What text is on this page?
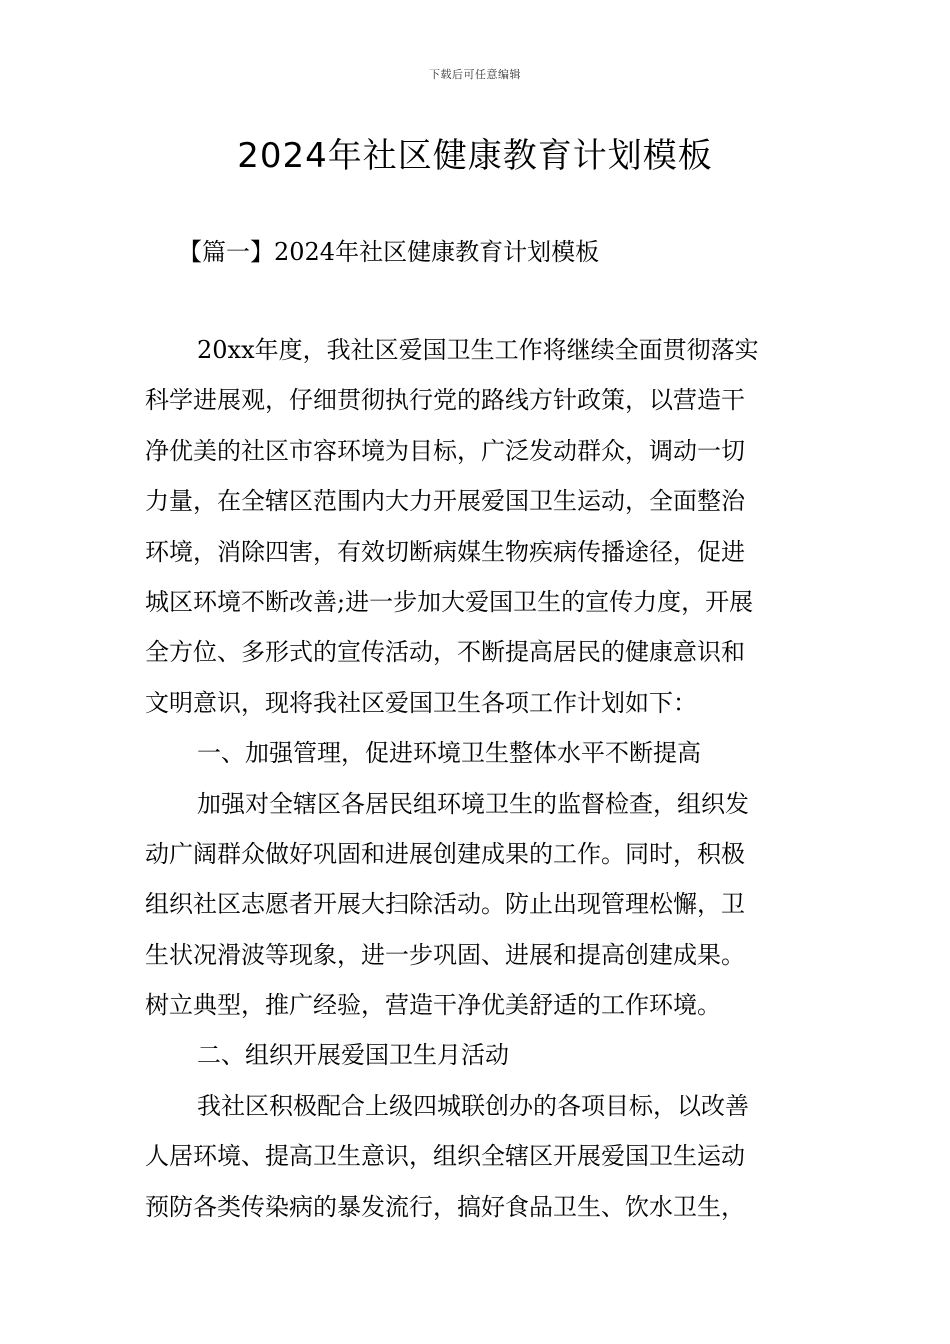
下载后可任意编辑
2024年社区健康教育计划模板
【篇一】2024年社区健康教育计划模板
20xx年度，我社区爱国卫生工作将继续全面贯彻落实
科学进展观，仔细贯彻执行党的路线方针政策，以营造干
净优美的社区市容环境为目标，广泛发动群众，调动一切
力量，在全辖区范围内大力开展爱国卫生运动，全面整治
环境，消除四害，有效切断病媒生物疾病传播途径，促进
城区环境不断改善;进一步加大爱国卫生的宣传力度，开展
全方位、多形式的宣传活动，不断提高居民的健康意识和
文明意识，现将我社区爱国卫生各项工作计划如下：
一、加强管理，促进环境卫生整体水平不断提高
加强对全辖区各居民组环境卫生的监督检查，组织发
动广阔群众做好巩固和进展创建成果的工作。同时，积极
组织社区志愿者开展大扫除活动。防止出现管理松懈，卫
生状况滑波等现象，进一步巩固、进展和提高创建成果。
树立典型，推广经验，营造干净优美舒适的工作环境。
二、组织开展爱国卫生月活动
我社区积极配合上级四城联创办的各项目标，以改善
人居环境、提高卫生意识，组织全辖区开展爱国卫生运动
预防各类传染病的暴发流行，搞好食品卫生、饮水卫生，
